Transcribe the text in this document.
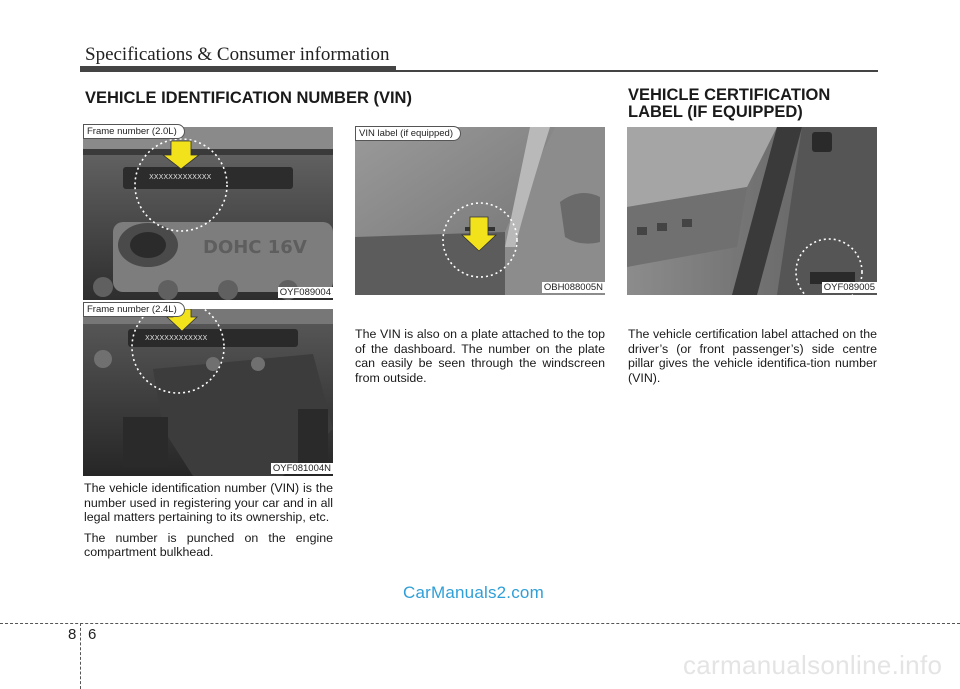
Specifications & Consumer information
VEHICLE IDENTIFICATION NUMBER (VIN)	VEHICLE CERTIFICATION
LABEL (IF EQUIPPED)
DOHC 16V
XXXXXXXXXXXXX
OYF089004
Frame number (2.0L)
XXXXXXXXXXXXX
OYF081004N
Frame number (2.4L)
OBH088005N
VIN label (if equipped)
OYF089005

The vehicle identification number (VIN) is the number used in registering your car and in all legal matters pertaining to its ownership, etc.

The number is punched on the engine compartment bulkhead.

The VIN is also on a plate attached to the top of the dashboard. The number on the plate can easily be seen through the windscreen from outside.

The vehicle certification label attached on the driver’s (or front passenger’s) side centre pillar gives the vehicle identifica-tion number (VIN).

CarManuals2.com
8 6
carmanualsonline.info
